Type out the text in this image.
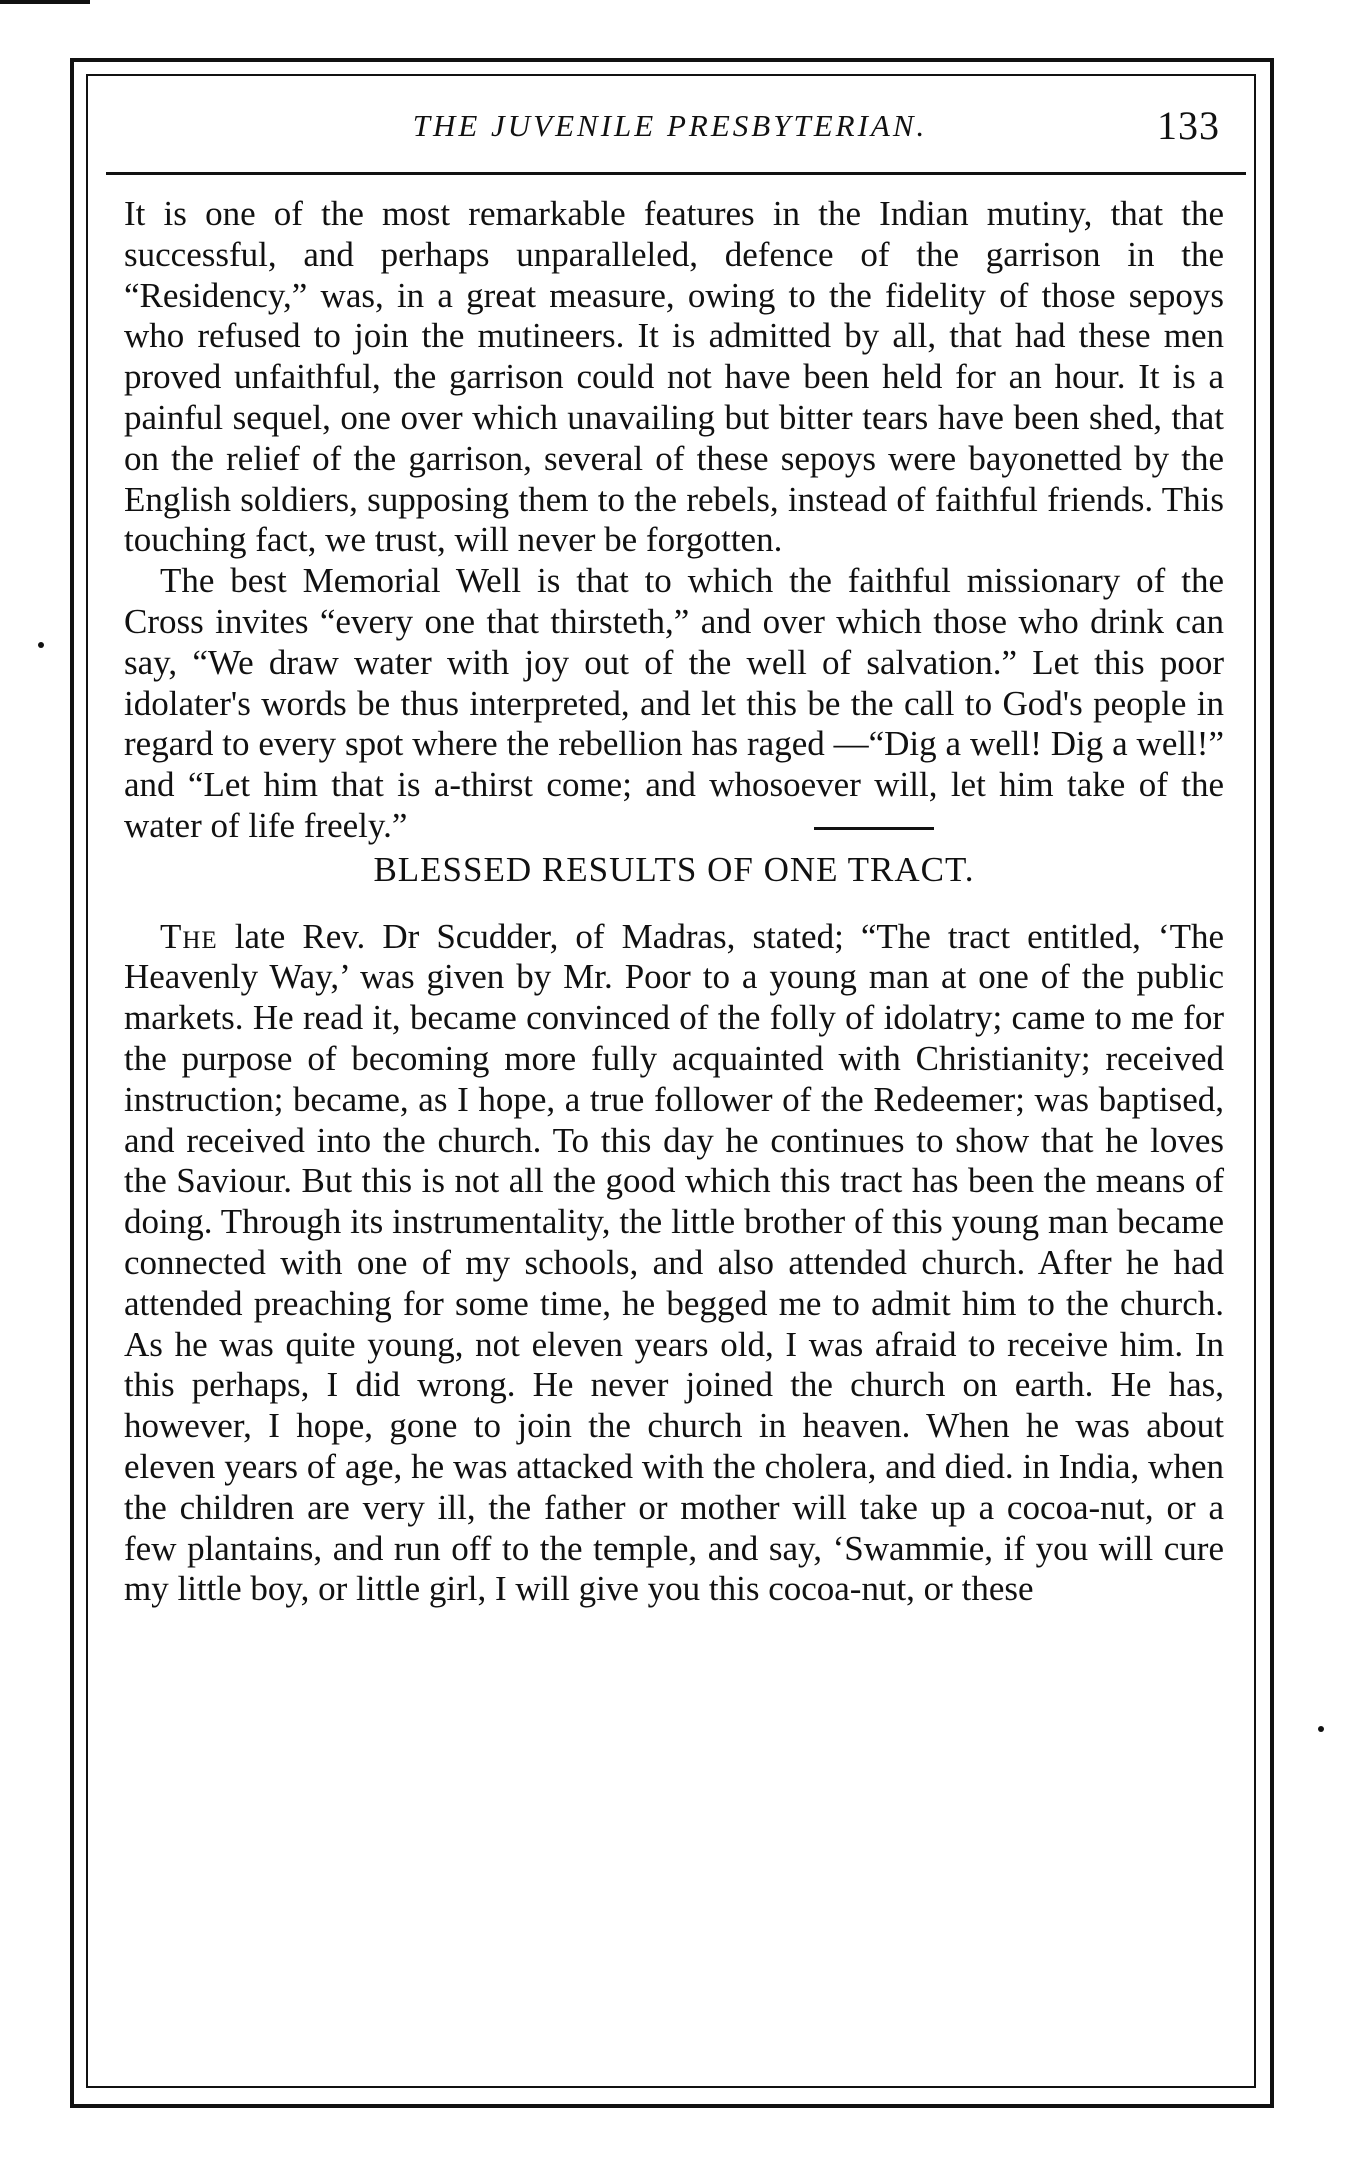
THE JUVENILE PRESBYTERIAN.	133

It is one of the most remarkable features in the Indian mutiny, that the successful, and perhaps unparalleled, defence of the garrison in the “Residency,” was, in a great measure, owing to the fidelity of those sepoys who refused to join the mutineers. It is admitted by all, that had these men proved unfaithful, the garrison could not have been held for an hour. It is a painful sequel, one over which unavailing but bitter tears have been shed, that on the relief of the garrison, several of these sepoys were bayonetted by the English soldiers, supposing them to the rebels, instead of faithful friends. This touching fact, we trust, will never be forgotten.

The best Memorial Well is that to which the faithful missionary of the Cross invites “every one that thirsteth,” and over which those who drink can say, “We draw water with joy out of the well of salvation.” Let this poor idolater's words be thus interpreted, and let this be the call to God's people in regard to every spot where the rebellion has raged —“Dig a well! Dig a well!” and “Let him that is a-thirst come; and whosoever will, let him take of the water of life freely.”

BLESSED RESULTS OF ONE TRACT.

The late Rev. Dr Scudder, of Madras, stated; “The tract entitled, ‘The Heavenly Way,’ was given by Mr. Poor to a young man at one of the public markets. He read it, became convinced of the folly of idolatry; came to me for the purpose of becoming more fully acquainted with Christianity; received instruction; became, as I hope, a true follower of the Redeemer; was baptised, and received into the church. To this day he continues to show that he loves the Saviour. But this is not all the good which this tract has been the means of doing. Through its instrumentality, the little brother of this young man became connected with one of my schools, and also attended church. After he had attended preaching for some time, he begged me to admit him to the church. As he was quite young, not eleven years old, I was afraid to receive him. In this perhaps, I did wrong. He never joined the church on earth. He has, however, I hope, gone to join the church in heaven. When he was about eleven years of age, he was attacked with the cholera, and died. in India, when the children are very ill, the father or mother will take up a cocoa-nut, or a few plantains, and run off to the temple, and say, ‘Swammie, if you will cure my little boy, or little girl, I will give you this cocoa-nut, or these
